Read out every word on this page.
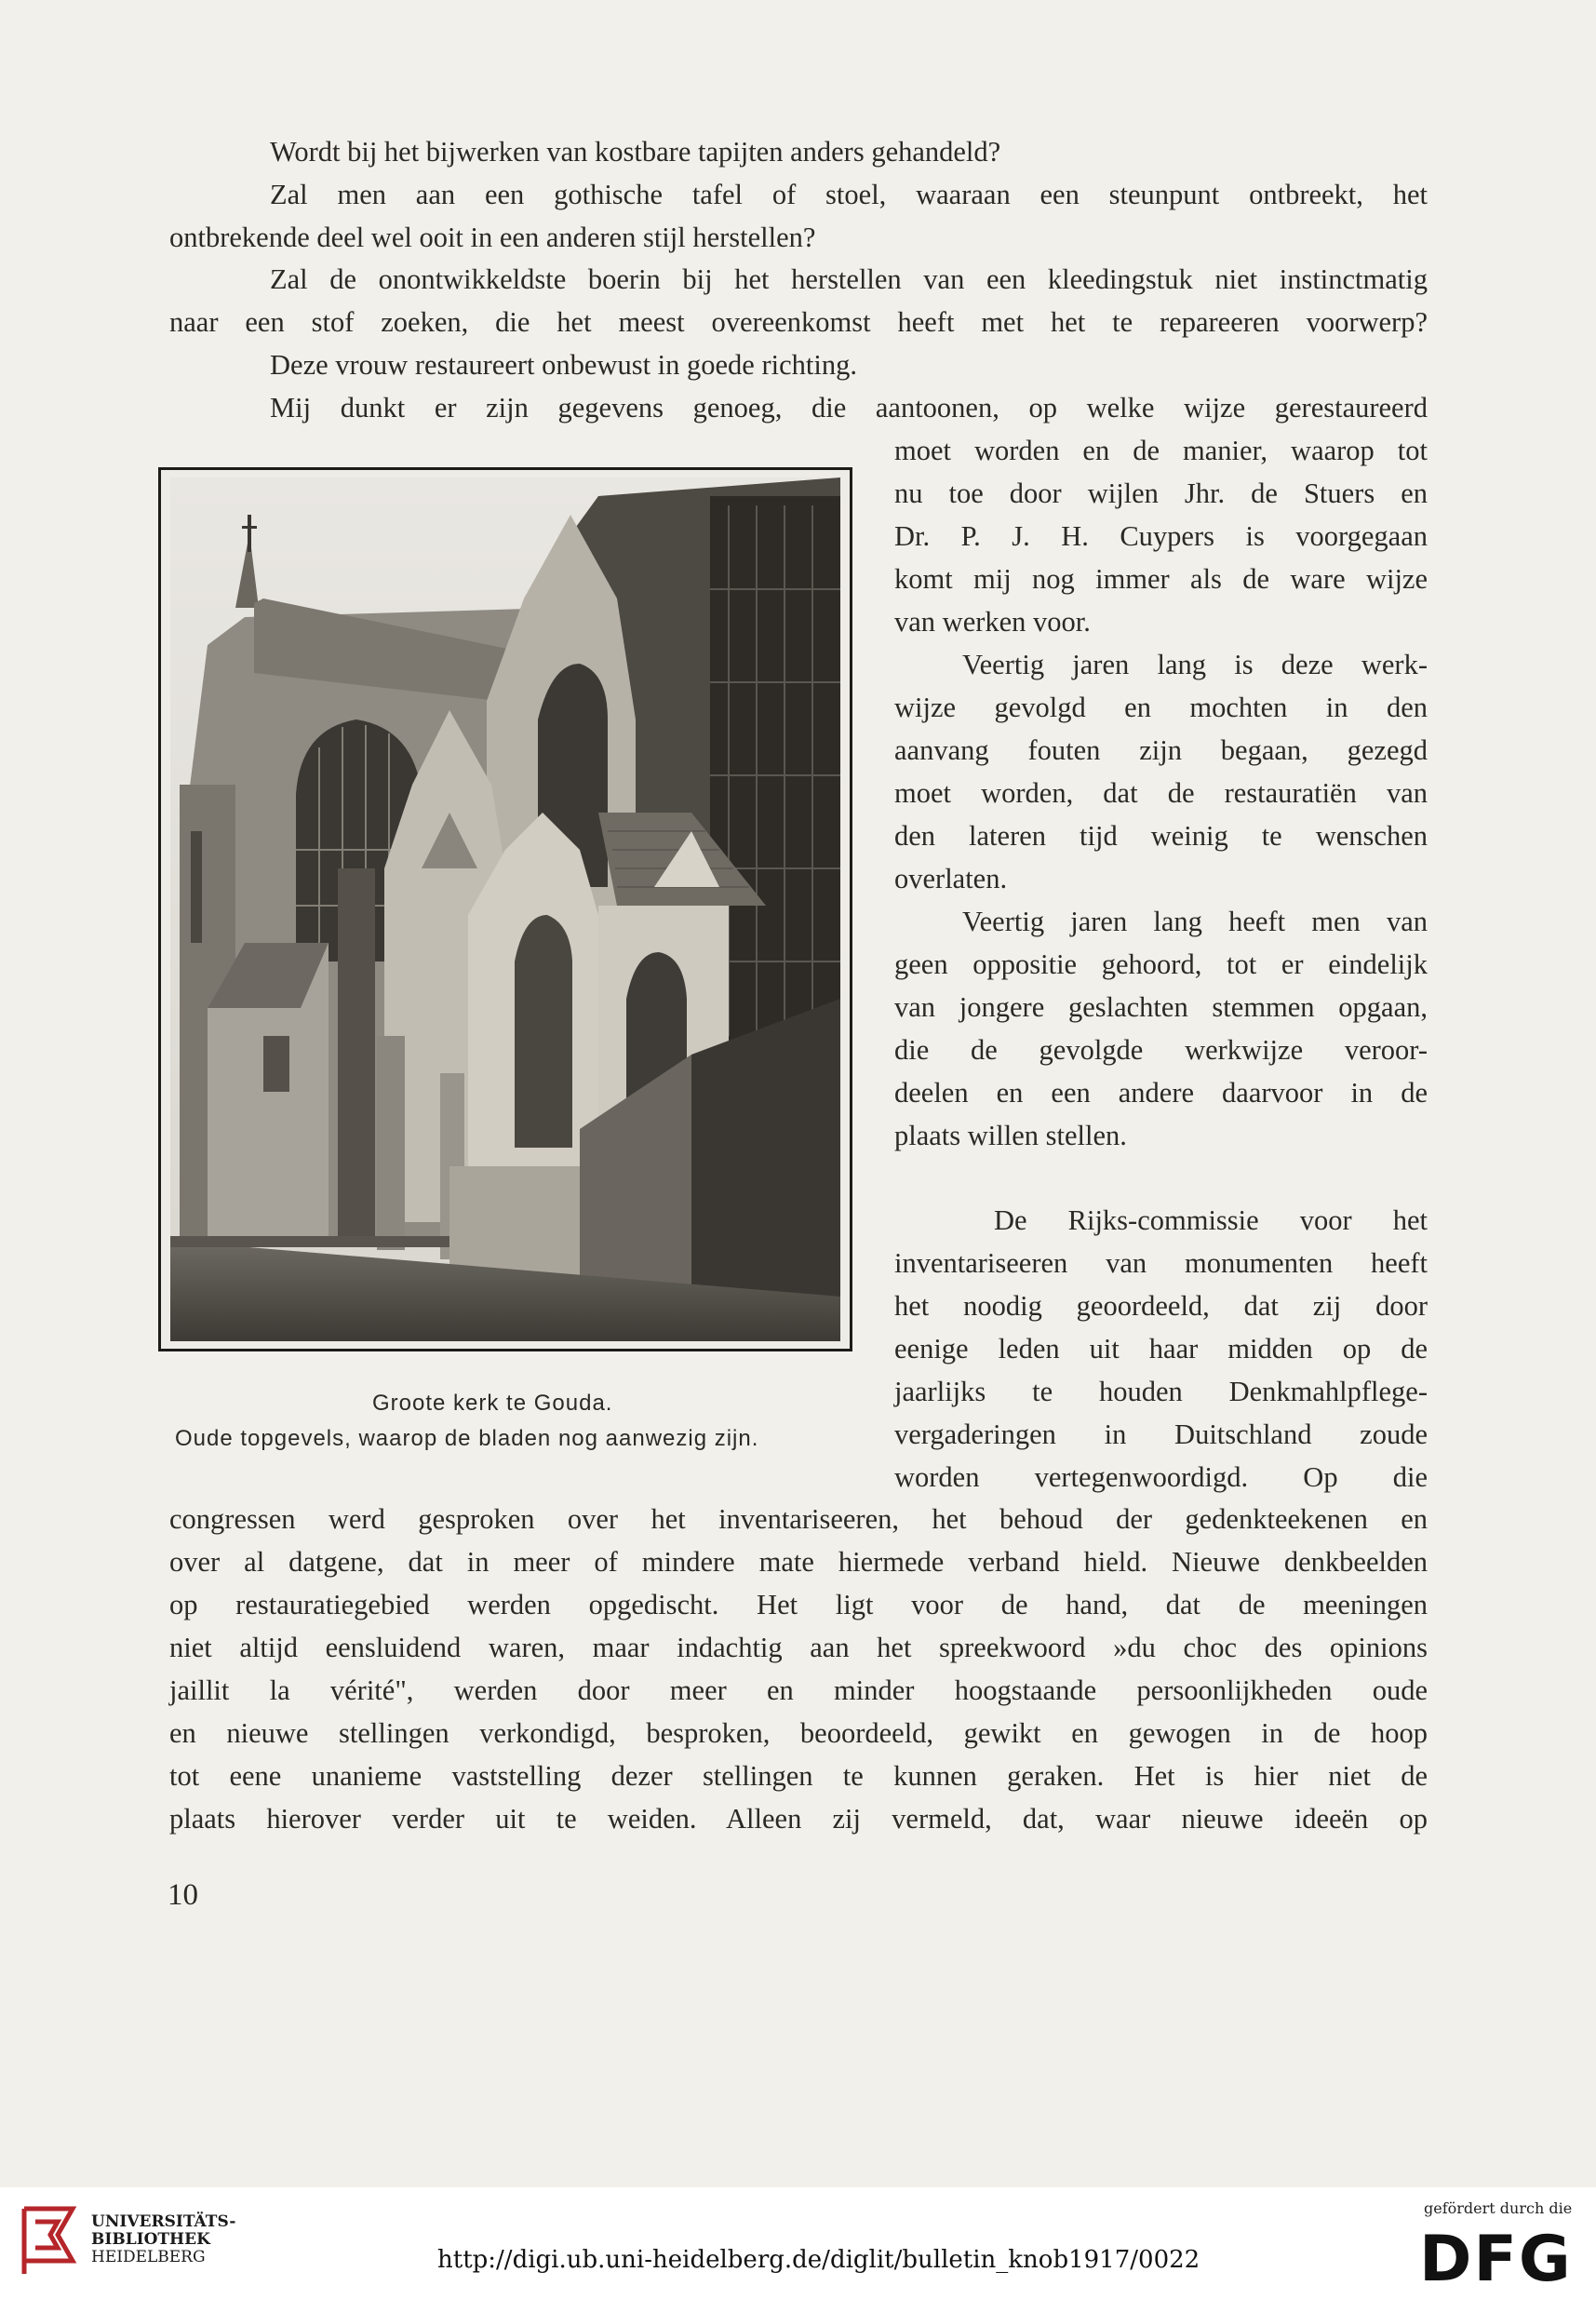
Wordt bij het bijwerken van kostbare tapijten anders gehandeld?
Zal men aan een gothische tafel of stoel, waaraan een steunpunt ontbreekt, het
ontbrekende deel wel ooit in een anderen stijl herstellen?
Zal de onontwikkeldste boerin bij het herstellen van een kleedingstuk niet instinctmatig
naar een stof zoeken, die het meest overeenkomst heeft met het te repareeren voorwerp?
Deze vrouw restaureert onbewust in goede richting.
Mij dunkt er zijn gegevens genoeg, die aantoonen, op welke wijze gerestaureerd
moet worden en de manier, waarop tot
nu toe door wijlen Jhr. de Stuers en
Dr. P. J. H. Cuypers is voorgegaan
komt mij nog immer als de ware wijze
van werken voor.
Veertig jaren lang is deze werk-
wijze gevolgd en mochten in den
aanvang fouten zijn begaan, gezegd
moet worden, dat de restauratiën van
den lateren tijd weinig te wenschen
overlaten.
Veertig jaren lang heeft men van
geen oppositie gehoord, tot er eindelijk
van jongere geslachten stemmen opgaan,
die de gevolgde werkwijze veroor-
deelen en een andere daarvoor in de
plaats willen stellen.
De Rijks-commissie voor het
inventariseeren van monumenten heeft
het noodig geoordeeld, dat zij door
eenige leden uit haar midden op de
jaarlijks te houden Denkmahlpflege-
vergaderingen in Duitschland zoude
worden vertegenwoordigd. Op die
congressen werd gesproken over het inventariseeren, het behoud der gedenkteekenen en
over al datgene, dat in meer of mindere mate hiermede verband hield. Nieuwe denkbeelden
op restauratiegebied werden opgedischt. Het ligt voor de hand, dat de meeningen
niet altijd eensluidend waren, maar indachtig aan het spreekwoord »du choc des opinions
jaillit la vérité", werden door meer en minder hoogstaande persoonlijkheden oude
en nieuwe stellingen verkondigd, besproken, beoordeeld, gewikt en gewogen in de hoop
tot eene unanieme vaststelling dezer stellingen te kunnen geraken. Het is hier niet de
plaats hierover verder uit te weiden. Alleen zij vermeld, dat, waar nieuwe ideeën op
Groote kerk te Gouda.
Oude topgevels, waarop de bladen nog aanwezig zijn.
10
UNIVERSITÄTS-
BIBLIOTHEK
HEIDELBERG	http://digi.ub.uni-heidelberg.de/diglit/bulletin_knob1917/0022
gefördert durch die
DFG
